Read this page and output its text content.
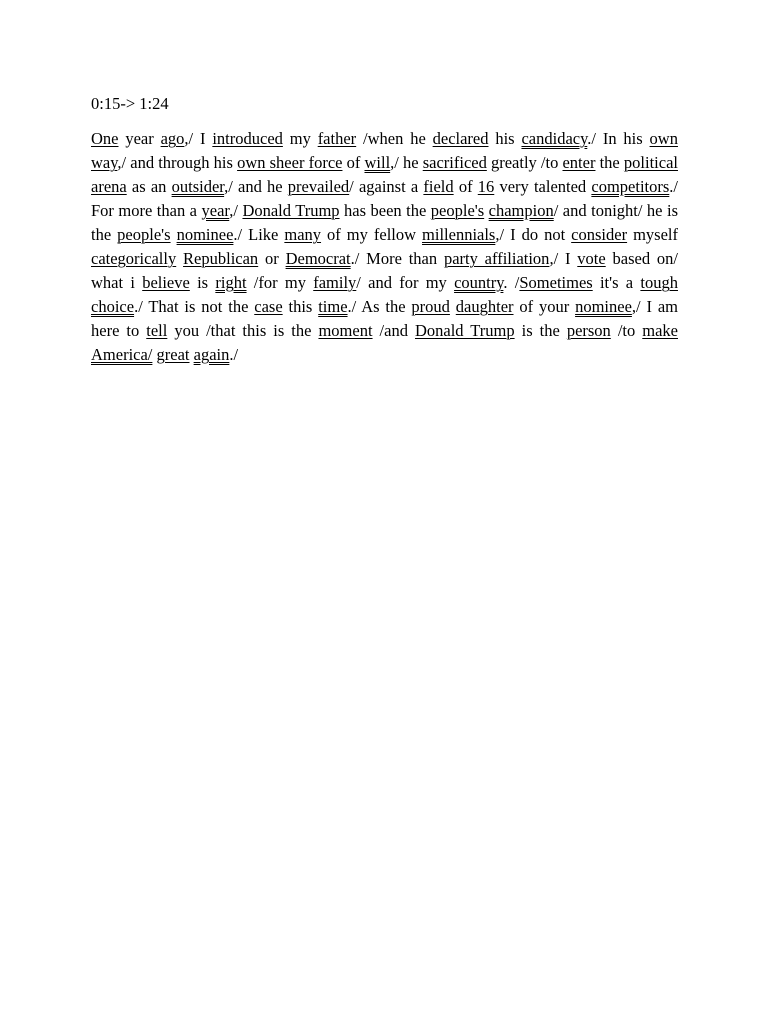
0:15-> 1:24

One year ago,/ I introduced my father /when he declared his candidacy./ In his own way,/ and through his own sheer force of will,/ he sacrificed greatly /to enter the political arena as an outsider,/ and he prevailed/ against a field of 16 very talented competitors./ For more than a year,/ Donald Trump has been the people's champion/ and tonight/ he is the people's nominee./ Like many of my fellow millennials,/ I do not consider myself categorically Republican or Democrat./ More than party affiliation,/ I vote based on/ what i believe is right /for my family/ and for my country. /Sometimes it's a tough choice./ That is not the case this time./ As the proud daughter of your nominee,/ I am here to tell you /that this is the moment /and Donald Trump is the person /to make America/ great again./
